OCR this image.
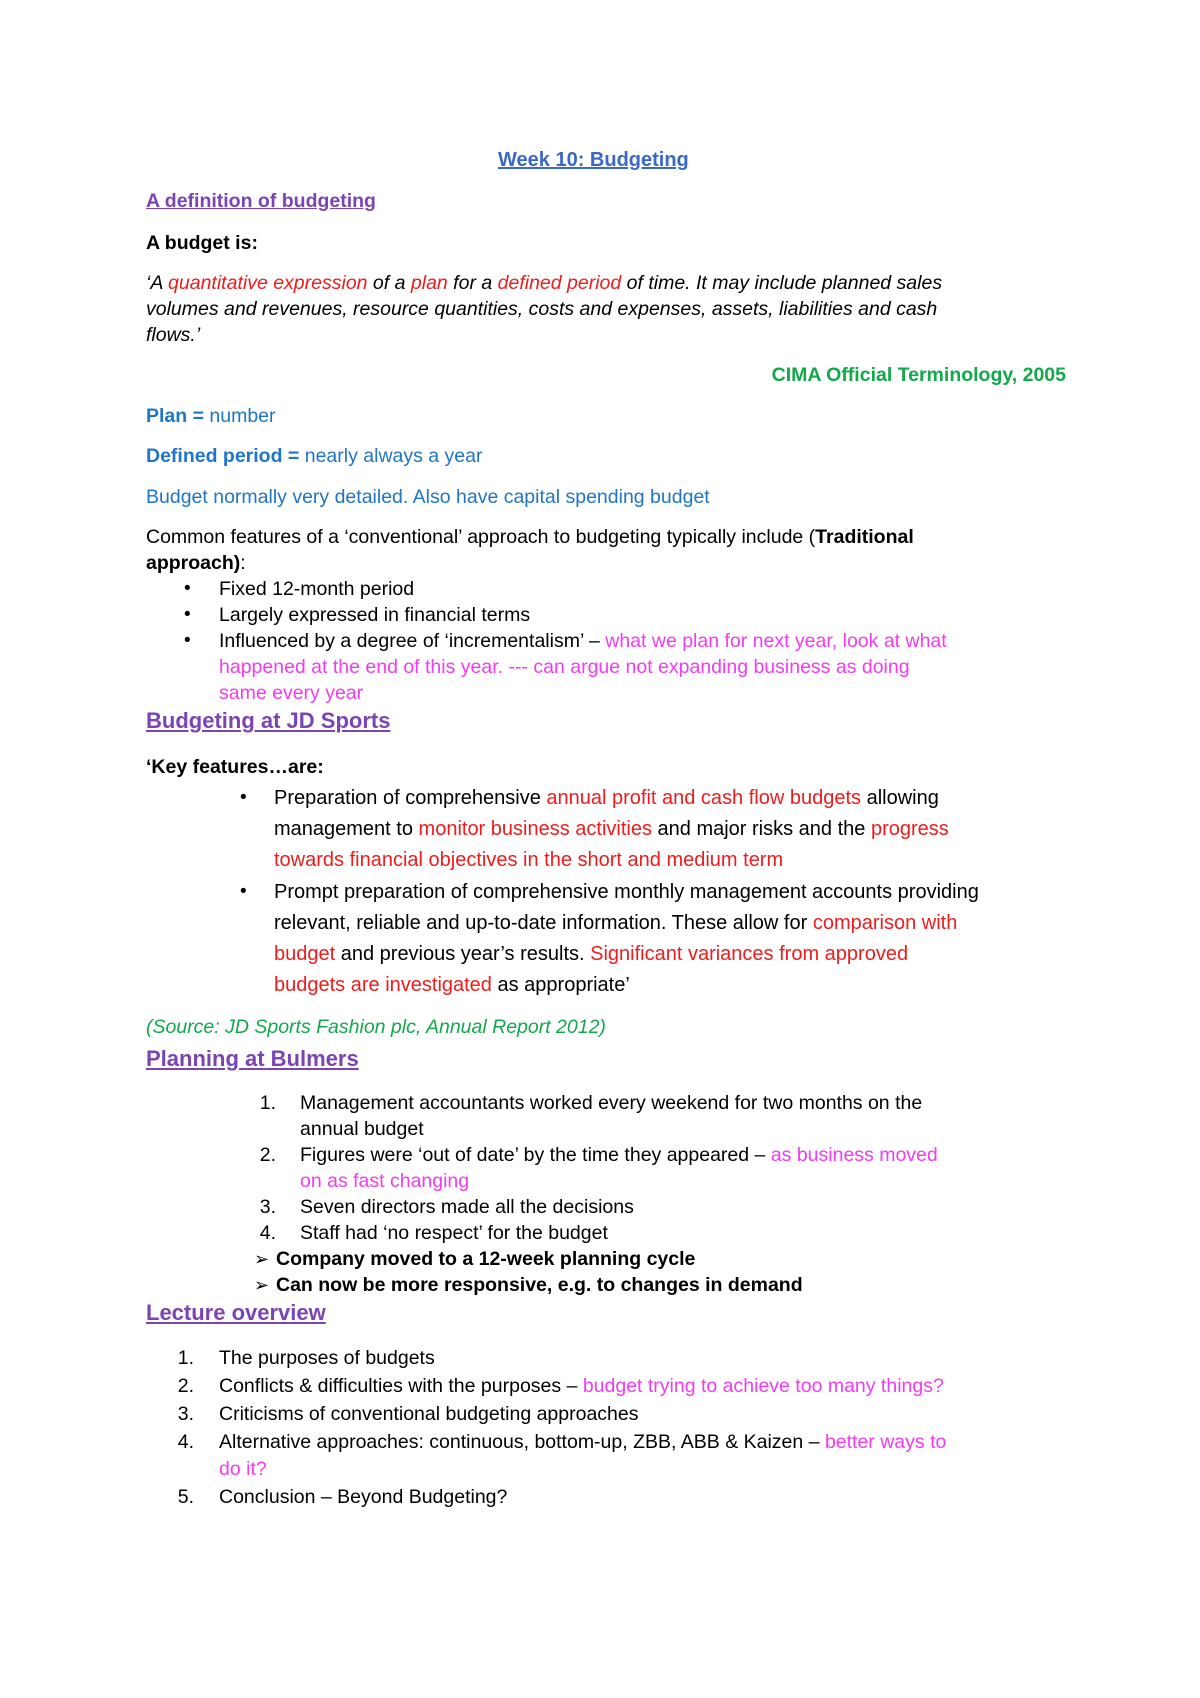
Week 10: Budgeting
A definition of budgeting
A budget is:
‘A quantitative expression of a plan for a defined period of time. It may include planned sales
volumes and revenues, resource quantities, costs and expenses, assets, liabilities and cash
flows.’
CIMA Official Terminology, 2005
Plan = number
Defined period = nearly always a year
Budget normally very detailed. Also have capital spending budget
Common features of a ‘conventional’ approach to budgeting typically include (Traditional
approach):
• Fixed 12-month period
• Largely expressed in financial terms
• Influenced by a degree of ‘incrementalism’ – what we plan for next year, look at what
happened at the end of this year. --- can argue not expanding business as doing
same every year
Budgeting at JD Sports
‘Key features…are:
• Preparation of comprehensive annual profit and cash flow budgets allowing
management to monitor business activities and major risks and the progress
towards financial objectives in the short and medium term
• Prompt preparation of comprehensive monthly management accounts providing
relevant, reliable and up-to-date information. These allow for comparison with
budget and previous year’s results. Significant variances from approved
budgets are investigated as appropriate’
(Source: JD Sports Fashion plc, Annual Report 2012)
Planning at Bulmers
1. Management accountants worked every weekend for two months on the
annual budget
2. Figures were ‘out of date’ by the time they appeared – as business moved
on as fast changing
3. Seven directors made all the decisions
4. Staff had ‘no respect’ for the budget
➢ Company moved to a 12-week planning cycle
➢ Can now be more responsive, e.g. to changes in demand
Lecture overview
1. The purposes of budgets
2. Conflicts & difficulties with the purposes – budget trying to achieve too many things?
3. Criticisms of conventional budgeting approaches
4. Alternative approaches: continuous, bottom-up, ZBB, ABB & Kaizen – better ways to
do it?
5. Conclusion – Beyond Budgeting?
